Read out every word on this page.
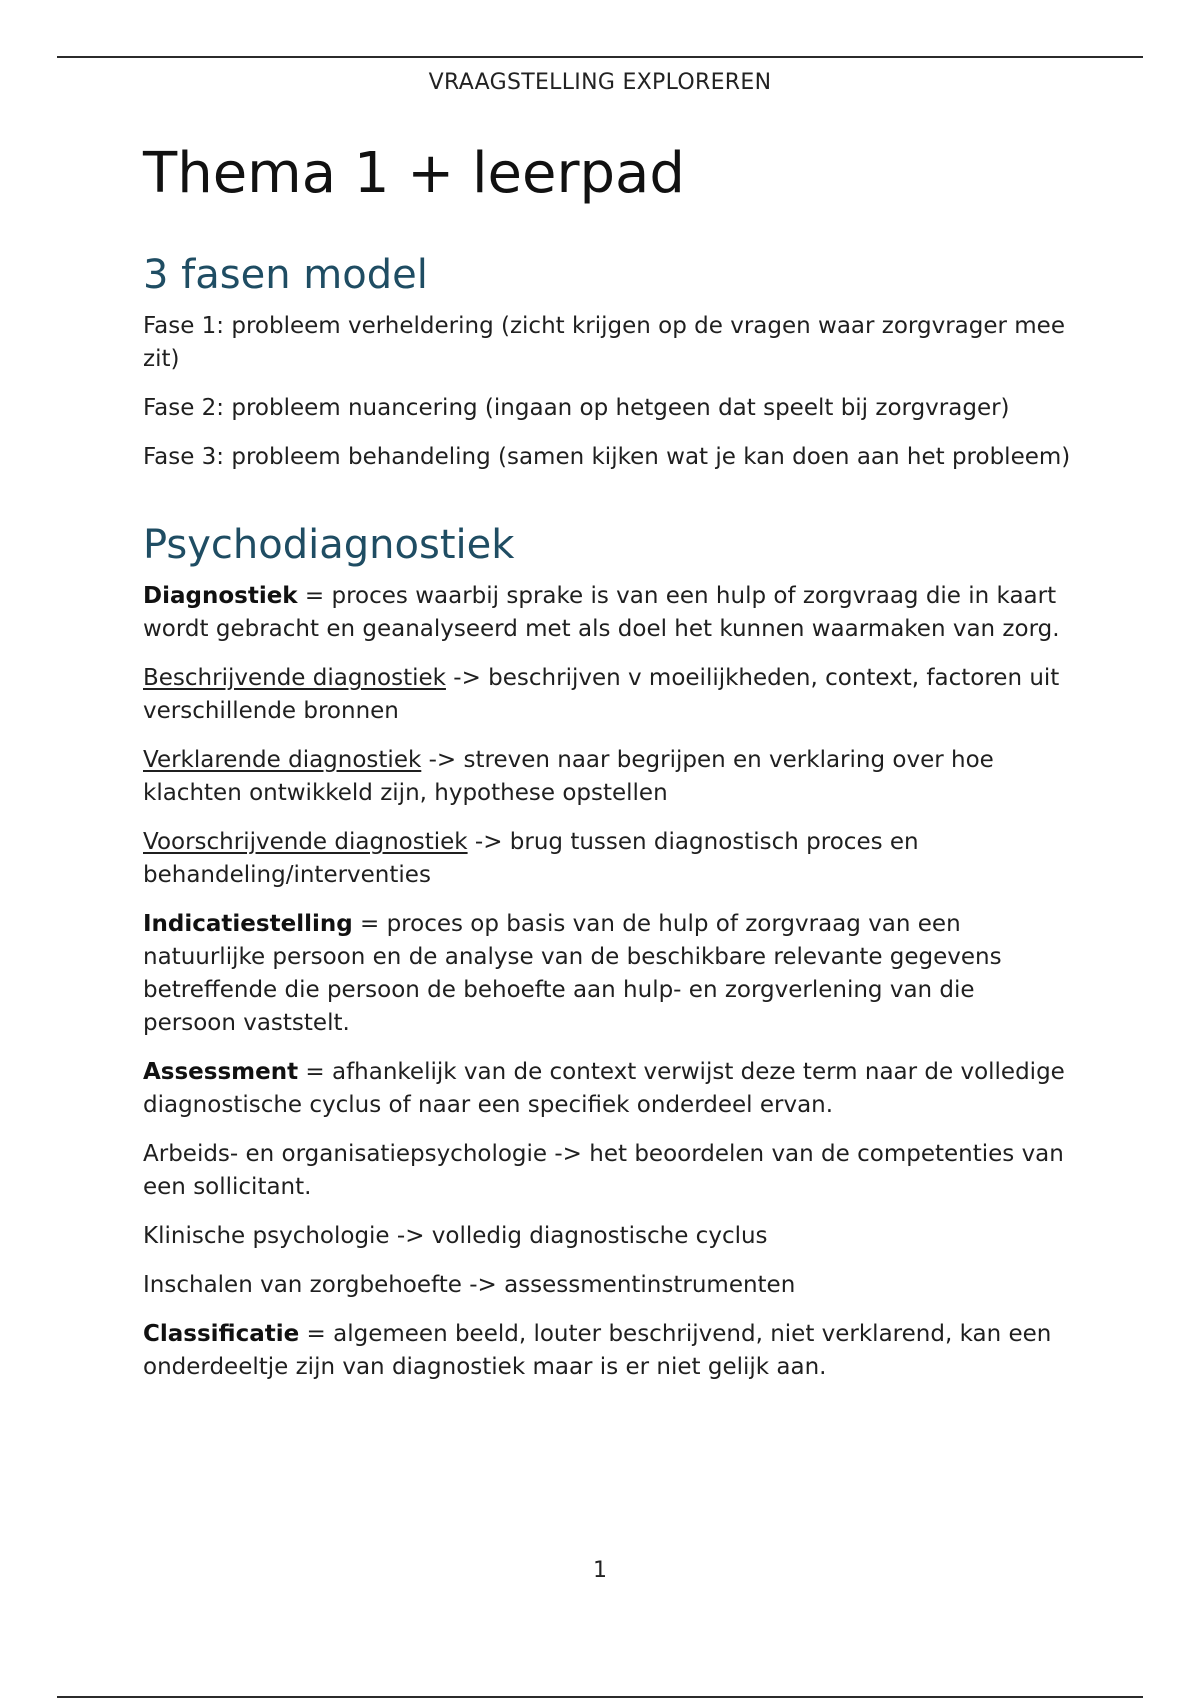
VRAAGSTELLING EXPLOREREN
Thema 1 + leerpad
3 fasen model

Fase 1: probleem verheldering (zicht krijgen op de vragen waar zorgvrager mee zit)

Fase 2: probleem nuancering (ingaan op hetgeen dat speelt bij zorgvrager)

Fase 3: probleem behandeling (samen kijken wat je kan doen aan het probleem)

Psychodiagnostiek

Diagnostiek = proces waarbij sprake is van een hulp of zorgvraag die in kaart wordt gebracht en geanalyseerd met als doel het kunnen waarmaken van zorg.

Beschrijvende diagnostiek -> beschrijven v moeilijkheden, context, factoren uit verschillende bronnen

Verklarende diagnostiek -> streven naar begrijpen en verklaring over hoe klachten ontwikkeld zijn, hypothese opstellen

Voorschrijvende diagnostiek -> brug tussen diagnostisch proces en behandeling/interventies

Indicatiestelling = proces op basis van de hulp of zorgvraag van een natuurlijke persoon en de analyse van de beschikbare relevante gegevens betreffende die persoon de behoefte aan hulp- en zorgverlening van die persoon vaststelt.

Assessment = afhankelijk van de context verwijst deze term naar de volledige diagnostische cyclus of naar een specifiek onderdeel ervan.

Arbeids- en organisatiepsychologie -> het beoordelen van de competenties van een sollicitant.

Klinische psychologie -> volledig diagnostische cyclus

Inschalen van zorgbehoefte -> assessmentinstrumenten

Classificatie = algemeen beeld, louter beschrijvend, niet verklarend, kan een onderdeeltje zijn van diagnostiek maar is er niet gelijk aan.

1
